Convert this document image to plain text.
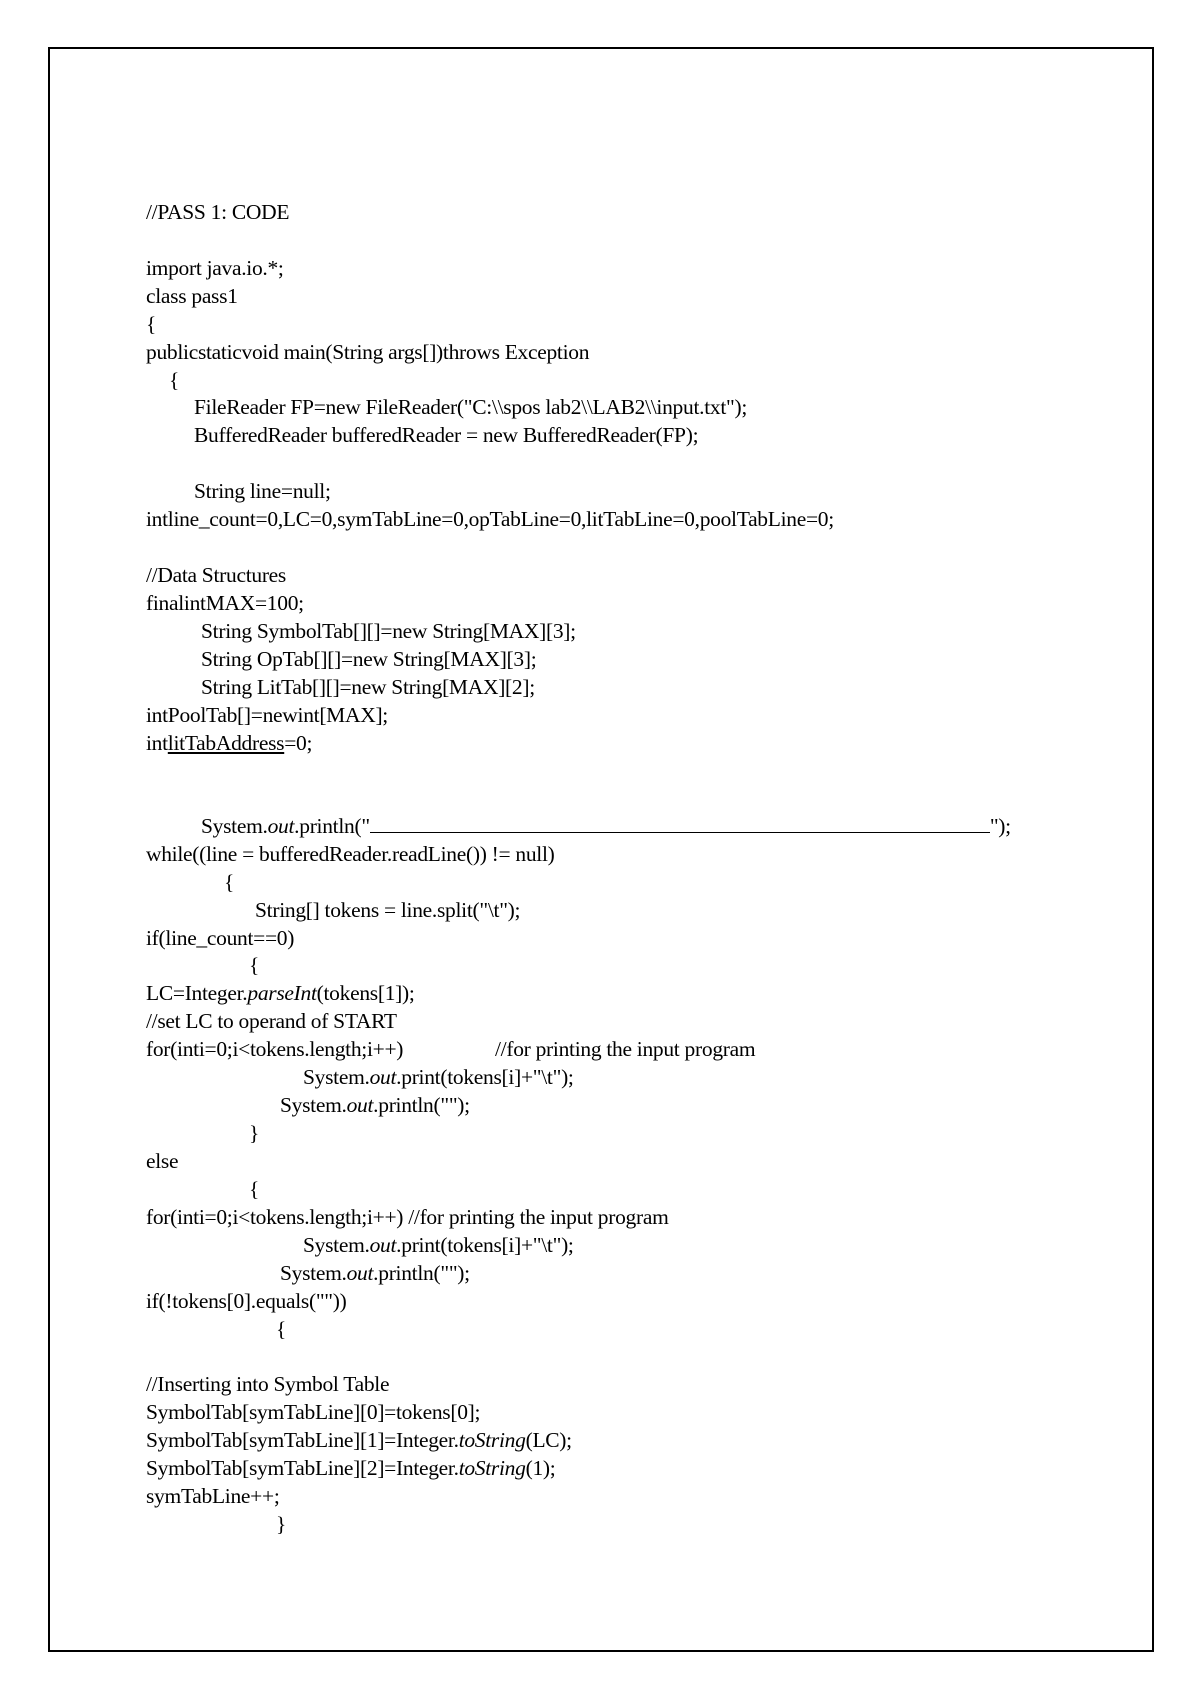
//PASS 1: CODE
import java.io.*;
class pass1
{
publicstaticvoid main(String args[])throws Exception
{
FileReader FP=new FileReader("C:\\spos lab2\\LAB2\\input.txt");
BufferedReader bufferedReader = new BufferedReader(FP);
String line=null;
intline_count=0,LC=0,symTabLine=0,opTabLine=0,litTabLine=0,poolTabLine=0;
//Data Structures
finalintMAX=100;
String SymbolTab[][]=new String[MAX][3];
String OpTab[][]=new String[MAX][3];
String LitTab[][]=new String[MAX][2];
intPoolTab[]=newint[MAX];
intlitTabAddress=0;
System.out.println("	");
while((line = bufferedReader.readLine()) != null)
{
String[] tokens = line.split("\t");
if(line_count==0)
{
LC=Integer.parseInt(tokens[1]);
//set LC to operand of START
for(inti=0;i<tokens.length;i++)	//for printing the input program
System.out.print(tokens[i]+"\t");
System.out.println("");
}
else
{
for(inti=0;i<tokens.length;i++) //for printing the input program
System.out.print(tokens[i]+"\t");
System.out.println("");
if(!tokens[0].equals(""))
{
//Inserting into Symbol Table
SymbolTab[symTabLine][0]=tokens[0];
SymbolTab[symTabLine][1]=Integer.toString(LC);
SymbolTab[symTabLine][2]=Integer.toString(1);
symTabLine++;
}
